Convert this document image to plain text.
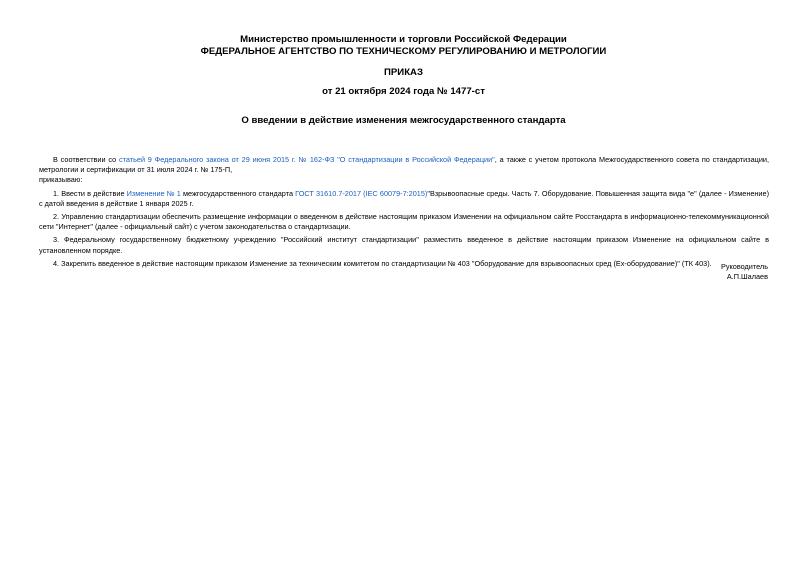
Министерство промышленности и торговли Российской Федерации
ФЕДЕРАЛЬНОЕ АГЕНТСТВО ПО ТЕХНИЧЕСКОМУ РЕГУЛИРОВАНИЮ И МЕТРОЛОГИИ
ПРИКАЗ
от 21 октября 2024 года № 1477-ст
О введении в действие изменения межгосударственного стандарта

В соответствии со статьей 9 Федерального закона от 29 июня 2015 г. № 162-ФЗ "О стандартизации в Российской Федерации", а также с учетом протокола Межгосударственного совета по стандартизации, метрологии и сертификации от 31 июля 2024 г. № 175-П,

приказываю:

1. Ввести в действие Изменение № 1 межгосударственного стандарта ГОСТ 31610.7-2017 (IEC 60079-7:2015)"Взрывоопасные среды. Часть 7. Оборудование. Повышенная защита вида "e" (далее - Изменение) с датой введения в действие 1 января 2025 г.

2. Управлению стандартизации обеспечить размещение информации о введенном в действие настоящим приказом Изменении на официальном сайте Росстандарта в информационно-телекоммуникационной сети "Интернет" (далее - официальный сайт) с учетом законодательства о стандартизации.

3. Федеральному государственному бюджетному учреждению "Российский институт стандартизации" разместить введенное в действие настоящим приказом Изменение на официальном сайте в установленном порядке.

4. Закрепить введенное в действие настоящим приказом Изменение за техническим комитетом по стандартизации № 403 "Оборудование для взрывоопасных сред (Ex-оборудование)" (ТК 403).	Руководитель
А.П.Шалаев
